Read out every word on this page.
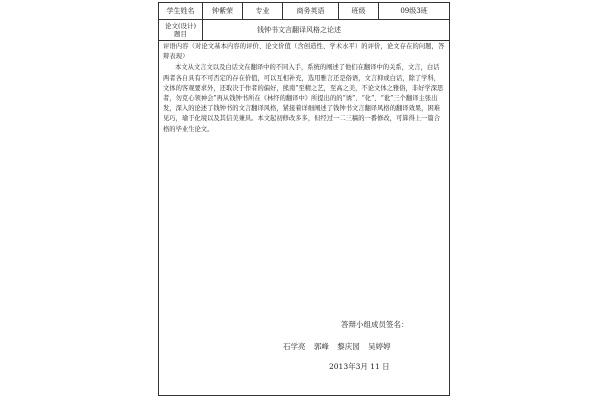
学生姓名	钟紫荣	专业	商务英语	班级	09级3班
论文(设计)
题目	钱钟书文言翻译风格之论述

评语内容（对论文基本内容的评价、论文价值（含创造性、学术水平）的评价，论文存在的问题，答辩表现）

本文从文言文以及白话文在翻译中的不同入手，系统的阐述了他们在翻译中的关系，文言，白话两者各自具有不可否定的存在价值，可以互相补充，选用雅言还是俗语，文言抑或白话，除了学科，文体的客观要求外，还取决于作者的偏好，熊南“至精之艺，至高之美，不论文体之雅俗，非好学深思者，勿克心领神会”再从钱钟书所在《林纾的翻译中》所提出的的“诱”、“化”、“讹”三个翻译主张出发，深入的论述了钱钟书的文言翻译风格，紧接着详细阐述了钱钟书文言翻译风格的翻译效果，困难见巧，瑜于化境以及其信美兼具。本文起初修改多多，但经过一二三稿的一番修改，可算得上一篇合格的毕业生论文。

答辩小组成员签名：
石学亮 郭峰 黎庆园 吴婷婷
2013年3月 11 日
